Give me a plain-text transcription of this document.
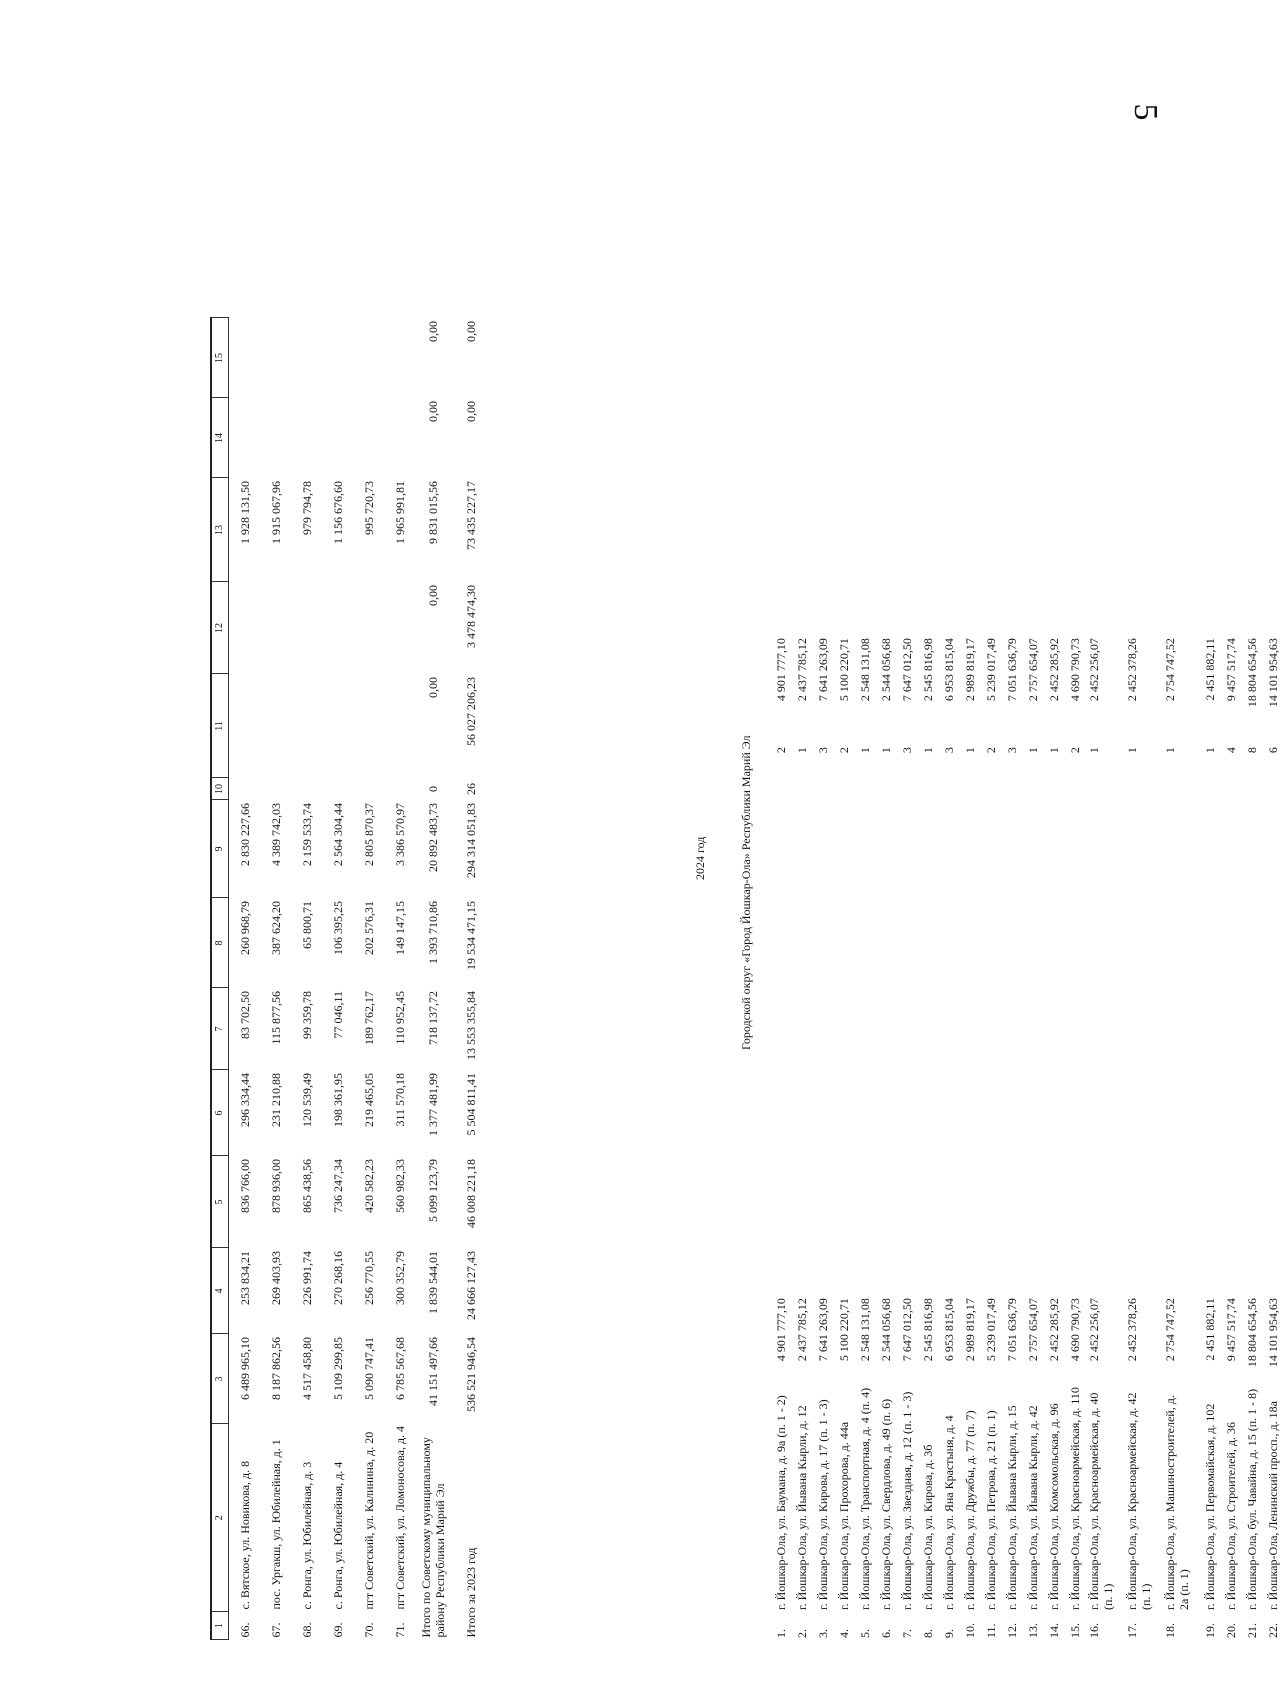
5
1	2	3	4	5	6	7	8	9	10	11	12	13	14	15
66.	с. Вятское, ул. Новикова, д. 8	6 489 965,10	253 834,21	836 766,00	296 334,44	83 702,50	260 968,79	2 830 227,66				1 928 131,50		
67.	пос. Ургакш, ул. Юбилейная, д. 1	8 187 862,56	269 403,93	878 936,00	231 210,88	115 877,56	387 624,20	4 389 742,03				1 915 067,96		
68.	с. Ронга, ул. Юбилейная, д. 3	4 517 458,80	226 991,74	865 438,56	120 539,49	99 359,78	65 800,71	2 159 533,74				979 794,78		
69.	с. Ронга, ул. Юбилейная, д. 4	5 109 299,85	270 268,16	736 247,34	198 361,95	77 046,11	106 395,25	2 564 304,44				1 156 676,60		
70.	пгт Советский, ул. Калинина, д. 20	5 090 747,41	256 770,55	420 582,23	219 465,05	189 762,17	202 576,31	2 805 870,37				995 720,73		
71.	пгт Советский, ул. Ломоносова, д. 4	6 785 567,68	300 352,79	560 982,33	311 570,18	110 952,45	149 147,15	3 386 570,97				1 965 991,81		
Итого по Советскому муниципальному району Республики Марий Эл		41 151 497,66	1 839 544,01	5 099 123,79	1 377 481,99	718 137,72	1 393 710,86	20 892 483,73	0	0,00	0,00	9 831 015,56	0,00	0,00
Итого за 2023 год		536 521 946,54	24 666 127,43	46 008 221,18	5 504 811,41	13 553 355,84	19 534 471,15	294 314 051,83	26	56 027 206,23	3 478 474,30	73 435 227,17	0,00	0,00
2024 год	Городской округ «Город Йошкар-Ола» Республики Марий Эл
1.	г. Йошкар-Ола, ул. Баумана, д. 9а (п. 1 - 2)	4 901 777,10							2	4 901 777,10
2.	г. Йошкар-Ола, ул. Йывана Кырли, д. 12	2 437 785,12							1	2 437 785,12
3.	г. Йошкар-Ола, ул. Кирова, д. 17 (п. 1 - 3)	7 641 263,09							3	7 641 263,09
4.	г. Йошкар-Ола, ул. Прохорова, д. 44а	5 100 220,71							2	5 100 220,71
5.	г. Йошкар-Ола, ул. Транспортная, д. 4 (п. 4)	2 548 131,08							1	2 548 131,08
6.	г. Йошкар-Ола, ул. Свердлова, д. 49 (п. 6)	2 544 056,68							1	2 544 056,68
7.	г. Йошкар-Ола, ул. Звездная, д. 12 (п. 1 - 3)	7 647 012,50							3	7 647 012,50
8.	г. Йошкар-Ола, ул. Кирова, д. 3б	2 545 816,98							1	2 545 816,98
9.	г. Йошкар-Ола, ул. Яна Крастыня, д. 4	6 953 815,04							3	6 953 815,04
10.	г. Йошкар-Ола, ул. Дружбы, д. 77 (п. 7)	2 989 819,17							1	2 989 819,17
11.	г. Йошкар-Ола, ул. Петрова, д. 21 (п. 1)	5 239 017,49							2	5 239 017,49
12.	г. Йошкар-Ола, ул. Йывана Кырли, д. 15	7 051 636,79							3	7 051 636,79
13.	г. Йошкар-Ола, ул. Йывана Кырли, д. 42	2 757 654,07							1	2 757 654,07
14.	г. Йошкар-Ола, ул. Комсомольская, д. 96	2 452 285,92							1	2 452 285,92
15.	г. Йошкар-Ола, ул. Красноармейская, д. 110	4 690 790,73							2	4 690 790,73
16.	г. Йошкар-Ола, ул. Красноармейская, д. 40 (п. 1)	2 452 256,07							1	2 452 256,07
17.	г. Йошкар-Ола, ул. Красноармейская, д. 42 (п. 1)	2 452 378,26							1	2 452 378,26
18.	г. Йошкар-Ола, ул. Машиностроителей, д. 2а (п. 1)	2 754 747,52							1	2 754 747,52
19.	г. Йошкар-Ола, ул. Первомайская, д. 102	2 451 882,11							1	2 451 882,11
20.	г. Йошкар-Ола, ул. Строителей, д. 36	9 457 517,74							4	9 457 517,74
21.	г. Йошкар-Ола, бул. Чавайна, д. 15 (п. 1 - 8)	18 804 654,56							8	18 804 654,56
22.	г. Йошкар-Ола, Ленинский просп., д. 18а	14 101 954,63							6	14 101 954,63
